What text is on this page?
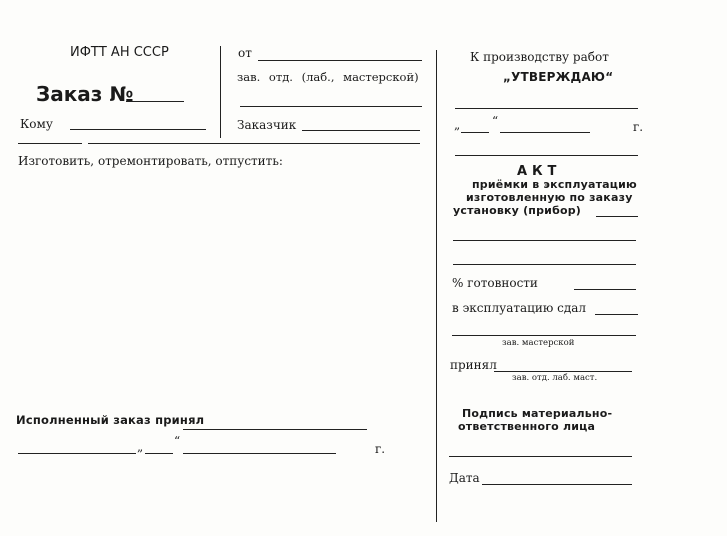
ИФТТ АН СССР
Заказ №
Кому
Изготовить, отремонтировать, отпустить:
Исполненный заказ принял
„	“
г.
от
зав. отд. (лаб., мастерской)
Заказчик
К производству работ
„УТВЕРЖДАЮ“
„	“	г.
А К Т
приёмки в эксплуатацию
изготовленную по заказу
установку (прибор)
% готовности
в эксплуатацию сдал
зав. мастерской
принял
зав. отд. лаб. маст.
Подпись материально-
ответственного лица
Дата
